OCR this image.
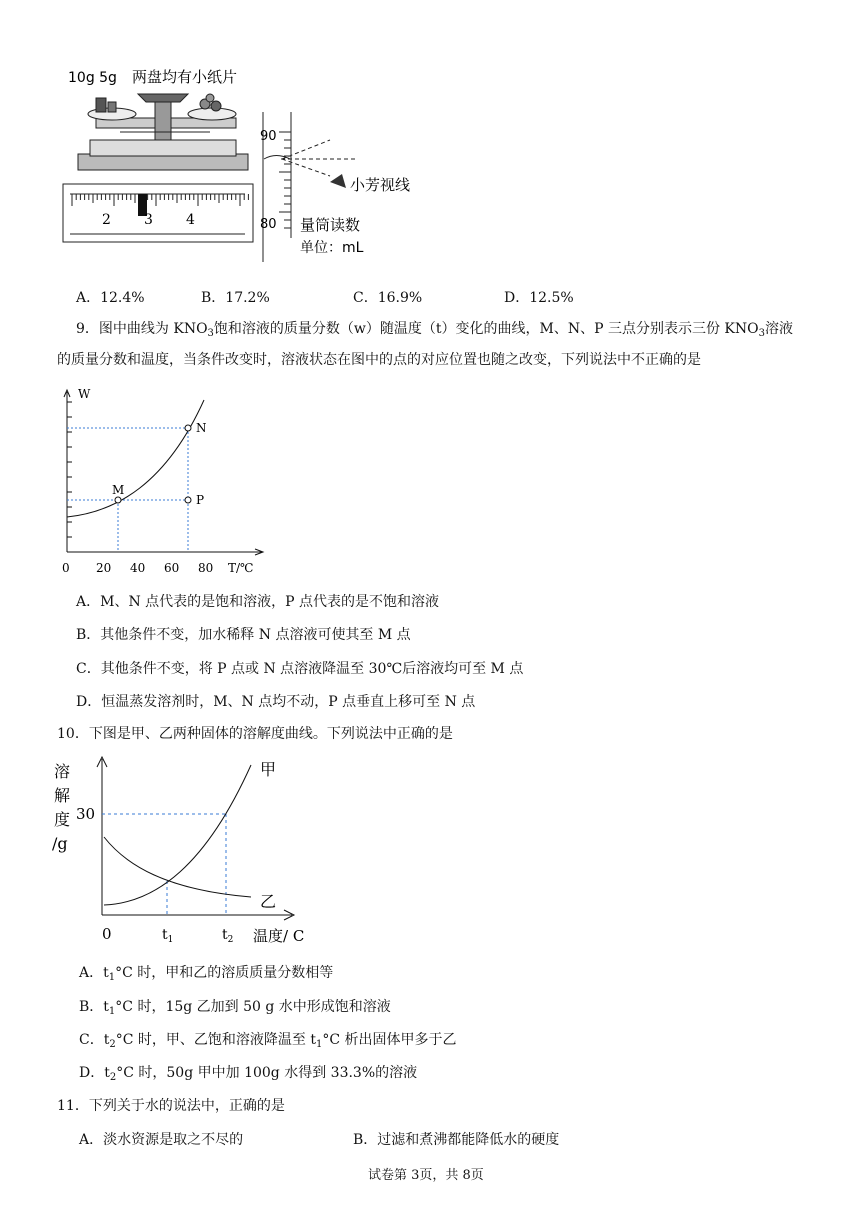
10g 5g 两盘均有小纸片
2 3 4
90
80
小芳视线
量筒读数
单位：mL
A．12.4%	B．17.2%	C．16.9%	D．12.5%
9．图中曲线为 $KNO_3$饱和溶液的质量分数（w）随温度（t）变化的曲线，M、N、P 三点分别表示三份 $KNO_3$溶液
的质量分数和温度，当条件改变时，溶液状态在图中的点的对应位置也随之改变，下列说法中不正确的是
W
T/℃
0 20 40 60 80
M
N
P
A．M、N 点代表的是饱和溶液，P 点代表的是不饱和溶液
B．其他条件不变，加水稀释 N 点溶液可使其至 M 点
C．其他条件不变，将 P 点或 N 点溶液降温至 30℃后溶液均可至 M 点
D．恒温蒸发溶剂时，M、N 点均不动，P 点垂直上移可至 N 点
10．下图是甲、乙两种固体的溶解度曲线。下列说法中正确的是
溶
解
度
/g
30
0	$t_1$	$t_2$ 温度/ C
甲
乙
A．$t_1^\circ C$ 时，甲和乙的溶质质量分数相等
B．$t_1^\circ C$ 时，15g 乙加到 50 g 水中形成饱和溶液
C．$t_2^\circ C$ 时，甲、乙饱和溶液降温至 $t_1^\circ C$ 析出固体甲多于乙
D．$t_2^\circ C$ 时，50g 甲中加 100g 水得到 33.3%的溶液
11．下列关于水的说法中，正确的是
A．淡水资源是取之不尽的	B．过滤和煮沸都能降低水的硬度
试卷第 3页，共 8页
